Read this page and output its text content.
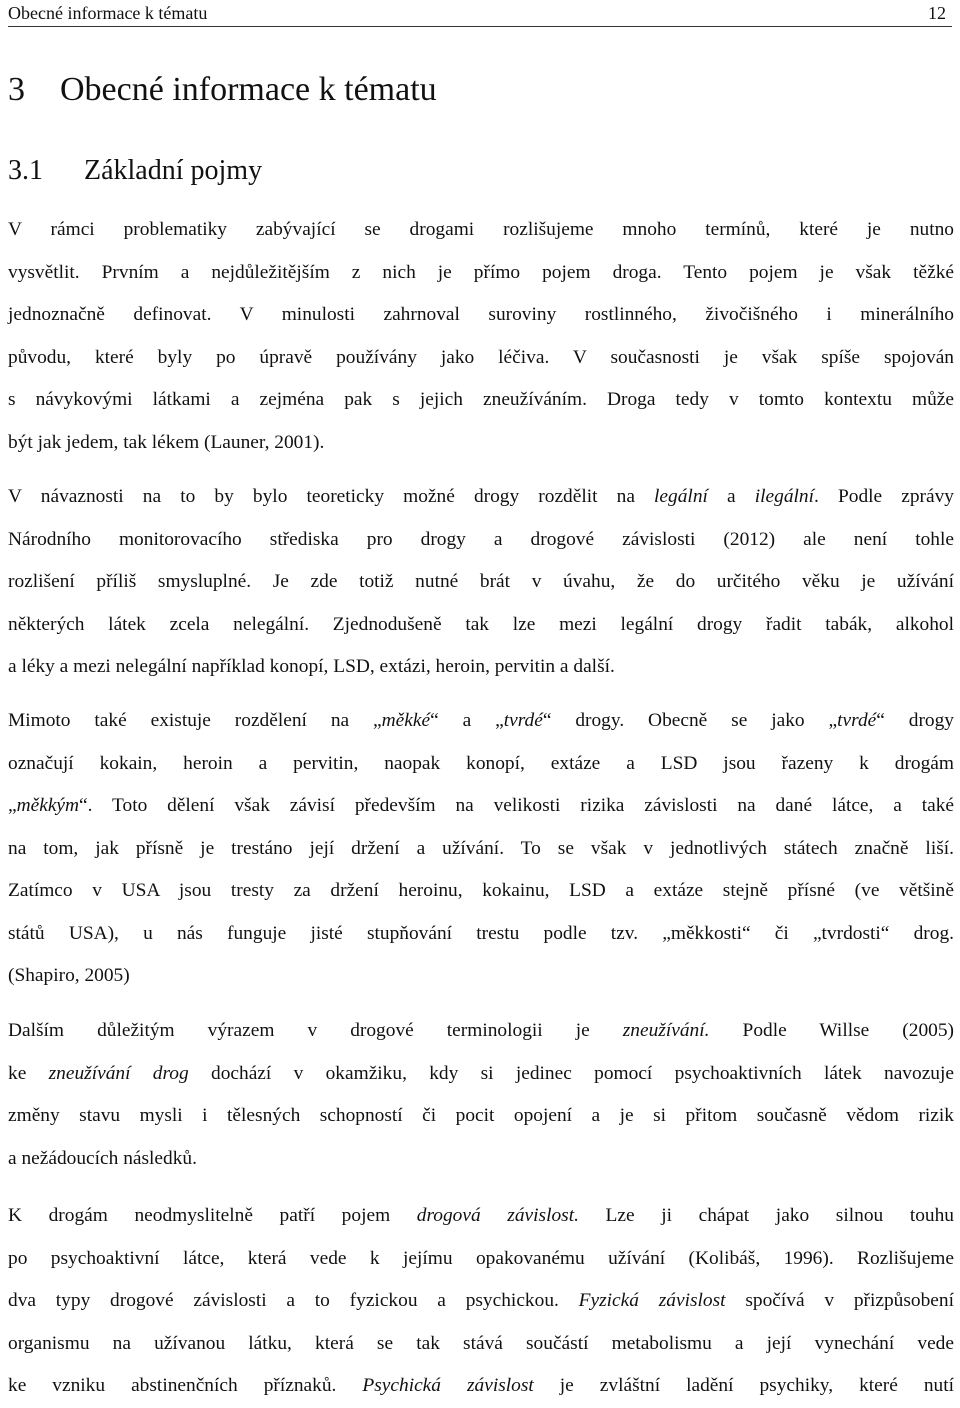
Obecné informace k tématu	12
3 Obecné informace k tématu
3.1 Základní pojmy
V rámci problematiky zabývající se drogami rozlišujeme mnoho termínů, které je nutno
vysvětlit. Prvním a nejdůležitějším z nich je přímo pojem droga. Tento pojem je však těžké
jednoznačně definovat. V minulosti zahrnoval suroviny rostlinného, živočišného i minerálního
původu, které byly po úpravě používány jako léčiva. V současnosti je však spíše spojován
s návykovými látkami a zejména pak s jejich zneužíváním. Droga tedy v tomto kontextu může
být jak jedem, tak lékem (Launer, 2001).
V návaznosti na to by bylo teoreticky možné drogy rozdělit na legální a ilegální. Podle zprávy
Národního monitorovacího střediska pro drogy a drogové závislosti (2012) ale není tohle
rozlišení příliš smysluplné. Je zde totiž nutné brát v úvahu, že do určitého věku je užívání
některých látek zcela nelegální. Zjednodušeně tak lze mezi legální drogy řadit tabák, alkohol
a léky a mezi nelegální například konopí, LSD, extázi, heroin, pervitin a další.
Mimoto také existuje rozdělení na „měkké“ a „tvrdé“ drogy. Obecně se jako „tvrdé“ drogy
označují kokain, heroin a pervitin, naopak konopí, extáze a LSD jsou řazeny k drogám
„měkkým“. Toto dělení však závisí především na velikosti rizika závislosti na dané látce, a také
na tom, jak přísně je trestáno její držení a užívání. To se však v jednotlivých státech značně liší.
Zatímco v USA jsou tresty za držení heroinu, kokainu, LSD a extáze stejně přísné (ve většině
států USA), u nás funguje jisté stupňování trestu podle tzv. „měkkosti“ či „tvrdosti“ drog.
(Shapiro, 2005)
Dalším důležitým výrazem v drogové terminologii je zneužívání. Podle Willse (2005)
ke zneužívání drog dochází v okamžiku, kdy si jedinec pomocí psychoaktivních látek navozuje
změny stavu mysli i tělesných schopností či pocit opojení a je si přitom současně vědom rizik
a nežádoucích následků.
K drogám neodmyslitelně patří pojem drogová závislost. Lze ji chápat jako silnou touhu
po psychoaktivní látce, která vede k jejímu opakovanému užívání (Kolibáš, 1996). Rozlišujeme
dva typy drogové závislosti a to fyzickou a psychickou. Fyzická závislost spočívá v přizpůsobení
organismu na užívanou látku, která se tak stává součástí metabolismu a její vynechání vede
ke vzniku abstinenčních příznaků. Psychická závislost je zvláštní ladění psychiky, které nutí
